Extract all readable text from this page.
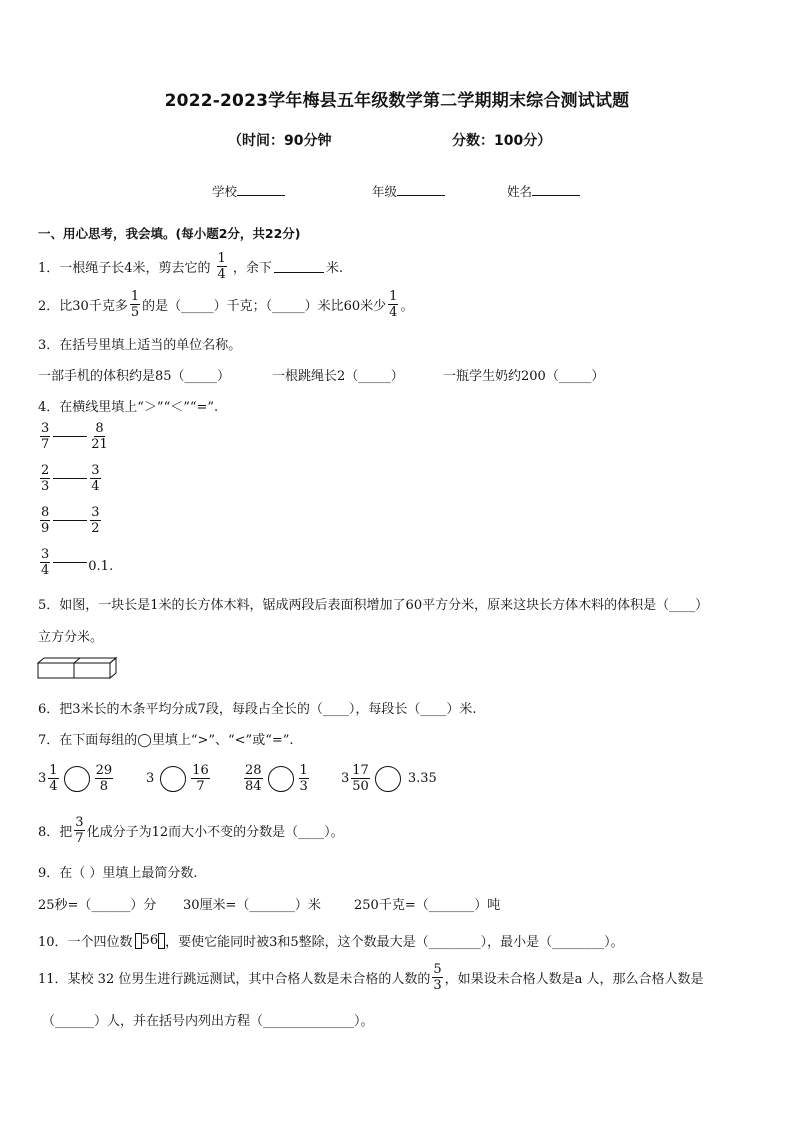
2022-2023学年梅县五年级数学第二学期期末综合测试试题
（时间：90分钟	分数：100分）
学校	年级	姓名
一、用心思考，我会填。(每小题2分，共22分)
1．一根绳子长4米，剪去它的 $\frac{1}{4}$ ，余下	米.
2．比30千克多 $\frac{1}{5}$ 的是（_____）千克；（_____）米比60米少 $\frac{1}{4}$ 。
3．在括号里填上适当的单位名称。
一部手机的体积约是85（_____）	一根跳绳长2（_____）	一瓶学生奶约200（_____）
4．在横线里填上“＞”“＜”“=”.
$\frac{3}{7}$	$\frac{8}{21}$
$\frac{2}{3}$	$\frac{3}{4}$
$\frac{8}{9}$	$\frac{3}{2}$
$\frac{3}{4}$	0.1.
5．如图，一块长是1米的长方体木料，锯成两段后表面积增加了60平方分米，原来这块长方体木料的体积是（____）
立方分米。
6．把3米长的木条平均分成7段，每段占全长的（____），每段长（____）米.
7．在下面每组的◯里填上“>”、“<”或“=”.
$3 \frac{1}{4}$	$\frac{29}{8}$	3	$\frac{16}{7}$	$\frac{28}{84}$	$\frac{1}{3} 3 \frac{17}{50}$	3.35
8．把 $\frac{3}{7}$ 化成分子为12而大小不变的分数是（____）。
9．在（ ）里填上最简分数.
25秒=（______）分 30厘米=（_______）米	250千克=（_______）吨
10．一个四位数 56 ，要使它能同时被3和5整除，这个数最大是（________），最小是（________）。
11．某校 32 位男生进行跳远测试，其中合格人数是未合格的人数的 $\frac{5}{3}$ ，如果设未合格人数是a 人，那么合格人数是
（______）人，并在括号内列出方程（______________）。
